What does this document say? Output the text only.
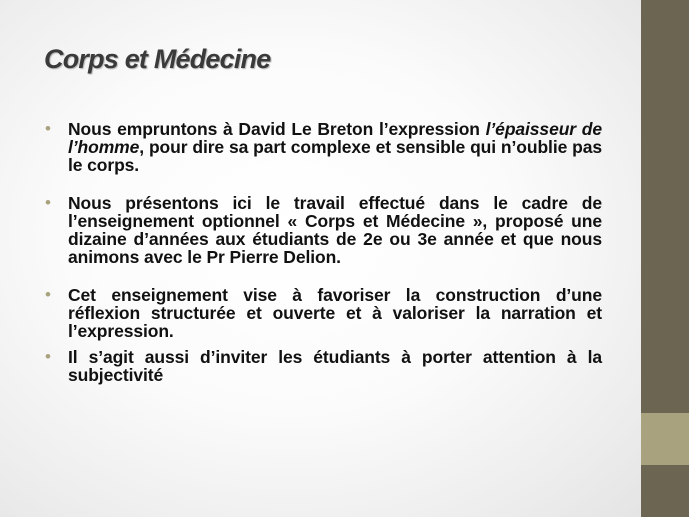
Corps et Médecine
• Nous empruntons à David Le Breton l’expression l’épaisseur de l’homme, pour dire sa part complexe et sensible qui n’oublie pas le corps.
• Nous présentons ici le travail effectué dans le cadre de l’enseignement optionnel « Corps et Médecine », proposé une dizaine d’années aux étudiants de 2e ou 3e année et que nous animons avec le Pr Pierre Delion.
• Cet enseignement vise à favoriser la construction d’une réflexion structurée et ouverte et à valoriser la narration et l’expression.
• Il s’agit aussi d’inviter les étudiants à porter attention à la subjectivité
